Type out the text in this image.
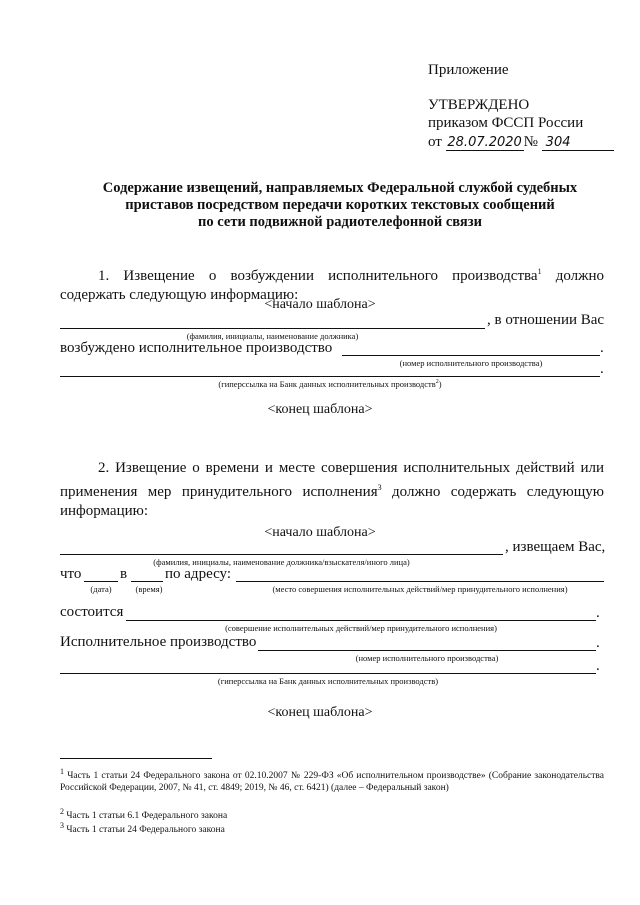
Приложение
УТВЕРЖДЕНО
приказом ФССП России
от 28.07.2020 № 304
Содержание извещений, направляемых Федеральной службой судебных
приставов посредством передачи коротких текстовых сообщений
по сети подвижной радиотелефонной связи
1. Извещение о возбуждении исполнительного производства$^1$ должно содержать следующую информацию:
<начало шаблона>
, в отношении Вас
(фамилия, инициалы, наименование должника)
возбуждено исполнительное производство	.
(номер исполнительного производства)	.
(гиперссылка на Банк данных исполнительных производств$^2$)
<конец шаблона>
2. Извещение о времени и месте совершения исполнительных действий или применения мер принудительного исполнения$^3$ должно содержать следующую информацию:
<начало шаблона>
, извещаем Вас,
(фамилия, инициалы, наименование должника/взыскателя/иного лица)
что	в	по адресу:
(дата)	(время)	(место совершения исполнительных действий/мер принудительного исполнения)
состоится	.
(совершение исполнительных действий/мер принудительного исполнения)
Исполнительное производство	.
(номер исполнительного производства)	.
(гиперссылка на Банк данных исполнительных производств)
<конец шаблона>
$^1$ Часть 1 статьи 24 Федерального закона от 02.10.2007 № 229-ФЗ «Об исполнительном производстве» (Собрание законодательства Российской Федерации, 2007, № 41, ст. 4849; 2019, № 46, ст. 6421) (далее – Федеральный закон)
$^2$ Часть 1 статьи 6.1 Федерального закона
$^3$ Часть 1 статьи 24 Федерального закона
